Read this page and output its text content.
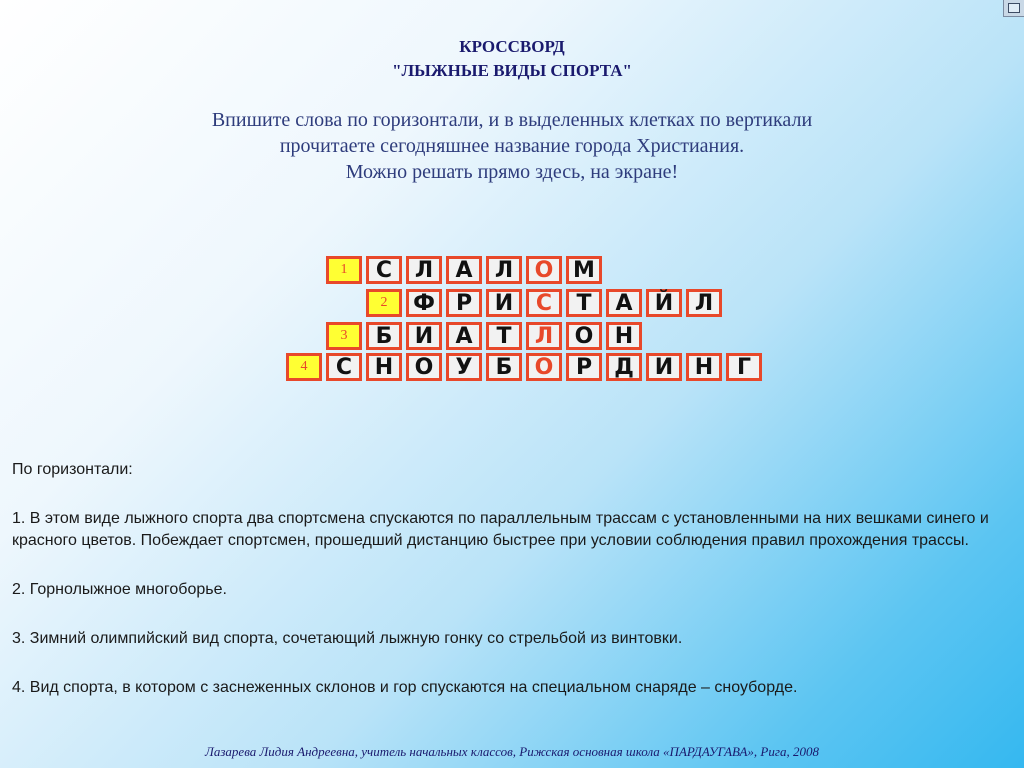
КРОССВОРД
"ЛЫЖНЫЕ ВИДЫ СПОРТА"
Впишите слова по горизонтали, и в выделенных клетках по вертикали
прочитаете сегодняшнее название города Христиания.
Можно решать прямо здесь, на экране!
1	С	Л	А	Л О М
2	Ф Р	И	С	Т	А	Й Л
3	Б	И	А	Т	Л О Н
4	С	Н О	У	Б	О	Р	Д И Н	Г

По горизонтали:

1. В этом виде лыжного спорта два спортсмена спускаются по параллельным трассам с установленными на них вешками синего и красного цветов. Побеждает спортсмен, прошедший дистанцию быстрее при условии соблюдения правил прохождения трассы.

2. Горнолыжное многоборье.

3. Зимний олимпийский вид спорта, сочетающий лыжную гонку со стрельбой из винтовки.

4. Вид спорта, в котором с заснеженных склонов и гор спускаются на специальном снаряде – сноуборде.

Лазарева Лидия Андреевна, учитель начальных классов, Рижская основная школа «ПАРДАУГАВА», Рига, 2008
